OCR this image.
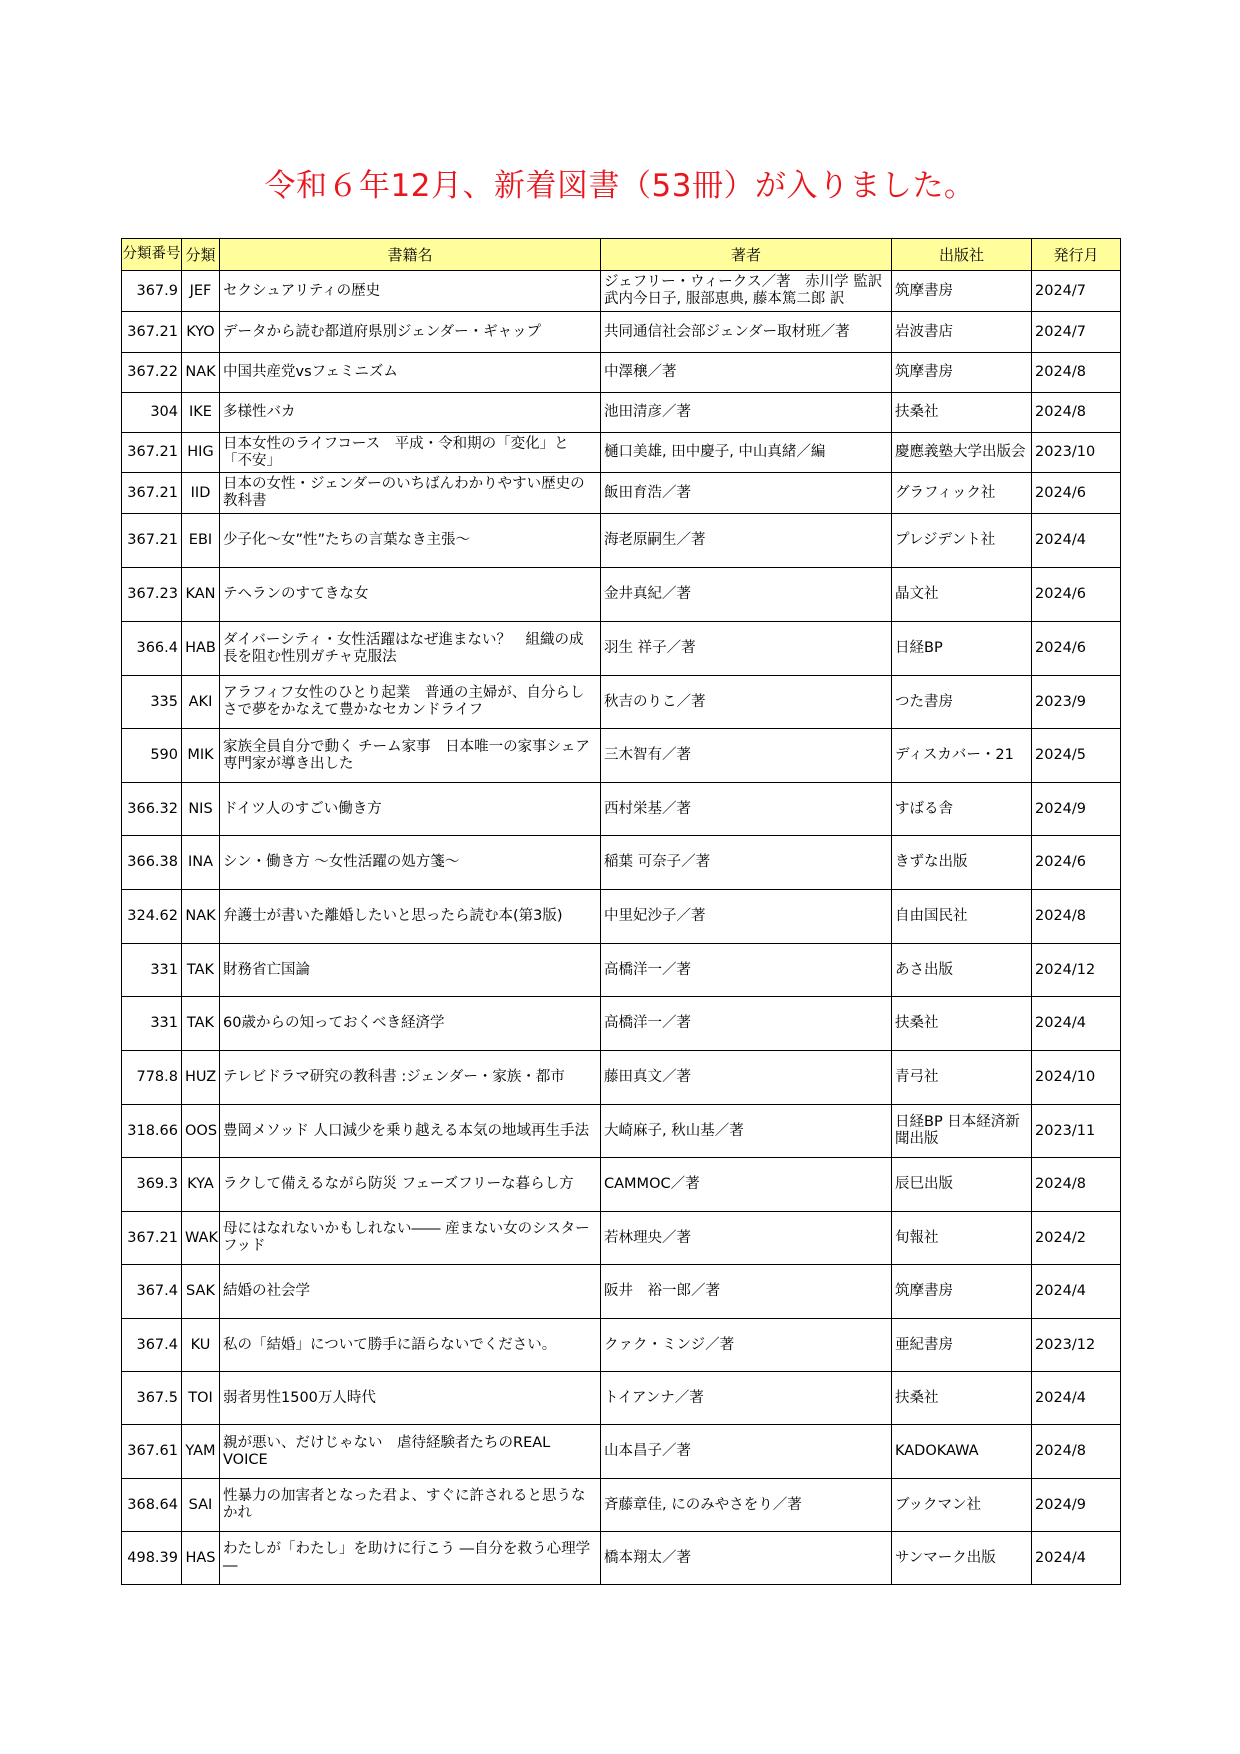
令和６年12月、新着図書（53冊）が入りました。
分類番号	分類	書籍名	著者	出版社	発行月
367.9	JEF	セクシュアリティの歴史	ジェフリー・ウィークス／著　赤川学 監訳 武内今日子, 服部恵典, 藤本篤二郎 訳	筑摩書房	2024/7
367.21	KYO	データから読む都道府県別ジェンダー・ギャップ	共同通信社会部ジェンダー取材班／著	岩波書店	2024/7
367.22	NAK	中国共産党vsフェミニズム	中澤穣／著	筑摩書房	2024/8
304	IKE	多様性バカ	池田清彦／著	扶桑社	2024/8
367.21	HIG	日本女性のライフコース　平成・令和期の「変化」と「不安」	樋口美雄, 田中慶子, 中山真緒／編	慶應義塾大学出版会	2023/10
367.21	IID	日本の女性・ジェンダーのいちばんわかりやすい歴史の教科書	飯田育浩／著	グラフィック社	2024/6
367.21	EBI	少子化～女”性”たちの言葉なき主張～	海老原嗣生／著	プレジデント社	2024/4
367.23	KAN	テヘランのすてきな女	金井真紀／著	晶文社	2024/6
366.4	HAB	ダイバーシティ・女性活躍はなぜ進まない？　組織の成長を阻む性別ガチャ克服法	羽生 祥子／著	日経BP	2024/6
335	AKI	アラフィフ女性のひとり起業　普通の主婦が、自分らしさで夢をかなえて豊かなセカンドライフ	秋吉のりこ／著	つた書房	2023/9
590	MIK	家族全員自分で動く チーム家事　日本唯一の家事シェア専門家が導き出した	三木智有／著	ディスカバー・21	2024/5
366.32	NIS	ドイツ人のすごい働き方	西村栄基／著	すばる舎	2024/9
366.38	INA	シン・働き方 ～女性活躍の処方箋～	稲葉 可奈子／著	きずな出版	2024/6
324.62	NAK	弁護士が書いた離婚したいと思ったら読む本(第3版)	中里妃沙子／著	自由国民社	2024/8
331	TAK	財務省亡国論	高橋洋一／著	あさ出版	2024/12
331	TAK	60歳からの知っておくべき経済学	高橋洋一／著	扶桑社	2024/4
778.8	HUZ	テレビドラマ研究の教科書 :ジェンダー・家族・都市	藤田真文／著	青弓社	2024/10
318.66	OOS	豊岡メソッド 人口減少を乗り越える本気の地域再生手法	大崎麻子, 秋山基／著	日経BP 日本経済新聞出版	2023/11
369.3	KYA	ラクして備えるながら防災 フェーズフリーな暮らし方	CAMMOC／著	辰巳出版	2024/8
367.21	WAK	母にはなれないかもしれない―― 産まない女のシスターフッド	若林理央／著	旬報社	2024/2
367.4	SAK	結婚の社会学	阪井　裕一郎／著	筑摩書房	2024/4
367.4	KU	私の「結婚」について勝手に語らないでください。	クァク・ミンジ／著	亜紀書房	2023/12
367.5	TOI	弱者男性1500万人時代	トイアンナ／著	扶桑社	2024/4
367.61	YAM	親が悪い、だけじゃない　虐待経験者たちのREAL VOICE	山本昌子／著	KADOKAWA	2024/8
368.64	SAI	性暴力の加害者となった君よ、すぐに許されると思うなかれ	斉藤章佳, にのみやさをり／著	ブックマン社	2024/9
498.39	HAS	わたしが「わたし」を助けに行こう ―自分を救う心理学―	橋本翔太／著	サンマーク出版	2024/4
